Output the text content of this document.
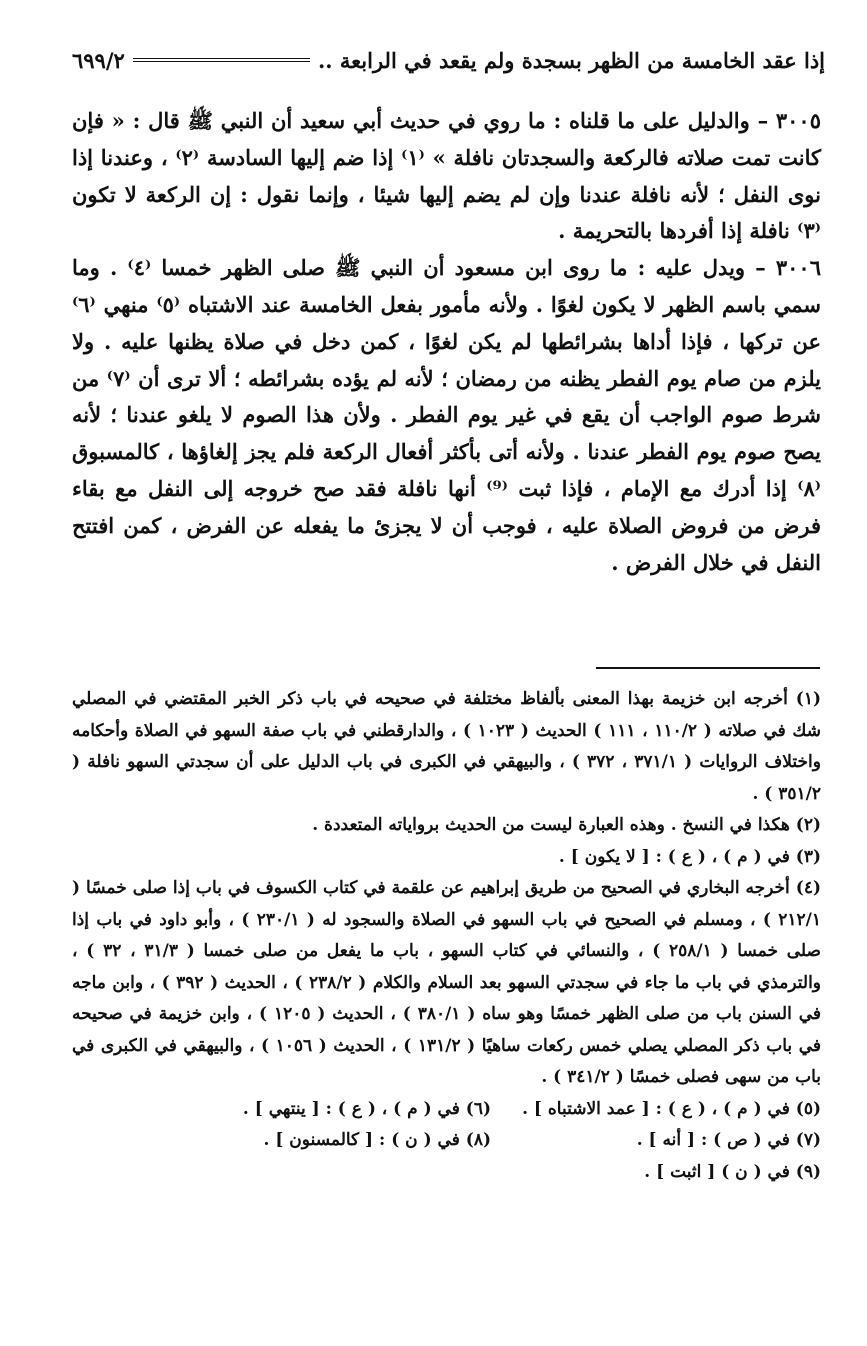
إذا عقد الخامسة من الظهر بسجدة ولم يقعد في الرابعة ..
٦٩٩/٢

٣٠٠٥ – والدليل على ما قلناه : ما روي في حديث أبي سعيد أن النبي ﷺ قال : « فإن كانت تمت صلاته فالركعة والسجدتان نافلة » ⁽١⁾ إذا ضم إليها السادسة ⁽٢⁾ ، وعندنا إذا نوى النفل ؛ لأنه نافلة عندنا وإن لم يضم إليها شيئا ، وإنما نقول : إن الركعة لا تكون ⁽٣⁾ نافلة إذا أفردها بالتحريمة .

٣٠٠٦ – ويدل عليه : ما روى ابن مسعود أن النبي ﷺ صلى الظهر خمسا ⁽٤⁾ . وما سمي باسم الظهر لا يكون لغوًا . ولأنه مأمور بفعل الخامسة عند الاشتباه ⁽٥⁾ منهي ⁽٦⁾ عن تركها ، فإذا أداها بشرائطها لم يكن لغوًا ، كمن دخل في صلاة يظنها عليه . ولا يلزم من صام يوم الفطر يظنه من رمضان ؛ لأنه لم يؤده بشرائطه ؛ ألا ترى أن ⁽٧⁾ من شرط صوم الواجب أن يقع في غير يوم الفطر . ولأن هذا الصوم لا يلغو عندنا ؛ لأنه يصح صوم يوم الفطر عندنا . ولأنه أتى بأكثر أفعال الركعة فلم يجز إلغاؤها ، كالمسبوق ⁽٨⁾ إذا أدرك مع الإمام ، فإذا ثبت ⁽⁹⁾ أنها نافلة فقد صح خروجه إلى النفل مع بقاء فرض من فروض الصلاة عليه ، فوجب أن لا يجزئ ما يفعله عن الفرض ، كمن افتتح النفل في خلال الفرض .

(١) أخرجه ابن خزيمة بهذا المعنى بألفاظ مختلفة في صحيحه في باب ذكر الخبر المقتضي في المصلي شك في صلاته ( ١١٠/٢ ، ١١١ ) الحديث ( ١٠٢٣ ) ، والدارقطني في باب صفة السهو في الصلاة وأحكامه واختلاف الروايات ( ٣٧١/١ ، ٣٧٢ ) ، والبيهقي في الكبرى في باب الدليل على أن سجدتي السهو نافلة ( ٣٥١/٢ ) .

(٢) هكذا في النسخ . وهذه العبارة ليست من الحديث برواياته المتعددة .

(٣) في ( م ) ، ( ع ) : [ لا يكون ] .

(٤) أخرجه البخاري في الصحيح من طريق إبراهيم عن علقمة في كتاب الكسوف في باب إذا صلى خمسًا ( ٢١٢/١ ) ، ومسلم في الصحيح في باب السهو في الصلاة والسجود له ( ٢٣٠/١ ) ، وأبو داود في باب إذا صلى خمسا ( ٢٥٨/١ ) ، والنسائي في كتاب السهو ، باب ما يفعل من صلى خمسا ( ٣١/٣ ، ٣٢ ) ، والترمذي في باب ما جاء في سجدتي السهو بعد السلام والكلام ( ٢٣٨/٢ ) ، الحديث ( ٣٩٢ ) ، وابن ماجه في السنن باب من صلى الظهر خمسًا وهو ساه ( ٣٨٠/١ ) ، الحديث ( ١٢٠٥ ) ، وابن خزيمة في صحيحه في باب ذكر المصلي يصلي خمس ركعات ساهيًا ( ١٣١/٢ ) ، الحديث ( ١٠٥٦ ) ، والبيهقي في الكبرى في باب من سهى فصلى خمسًا ( ٣٤١/٢ ) .

(٥) في ( م ) ، ( ع ) : [ عمد الاشتباه ] .
(٦) في ( م ) ، ( ع ) : [ ينتهي ] .
(٧) في ( ص ) : [ أنه ] .
(٨) في ( ن ) : [ كالمسنون ] .
(٩) في ( ن ) [ اثبت ] .
